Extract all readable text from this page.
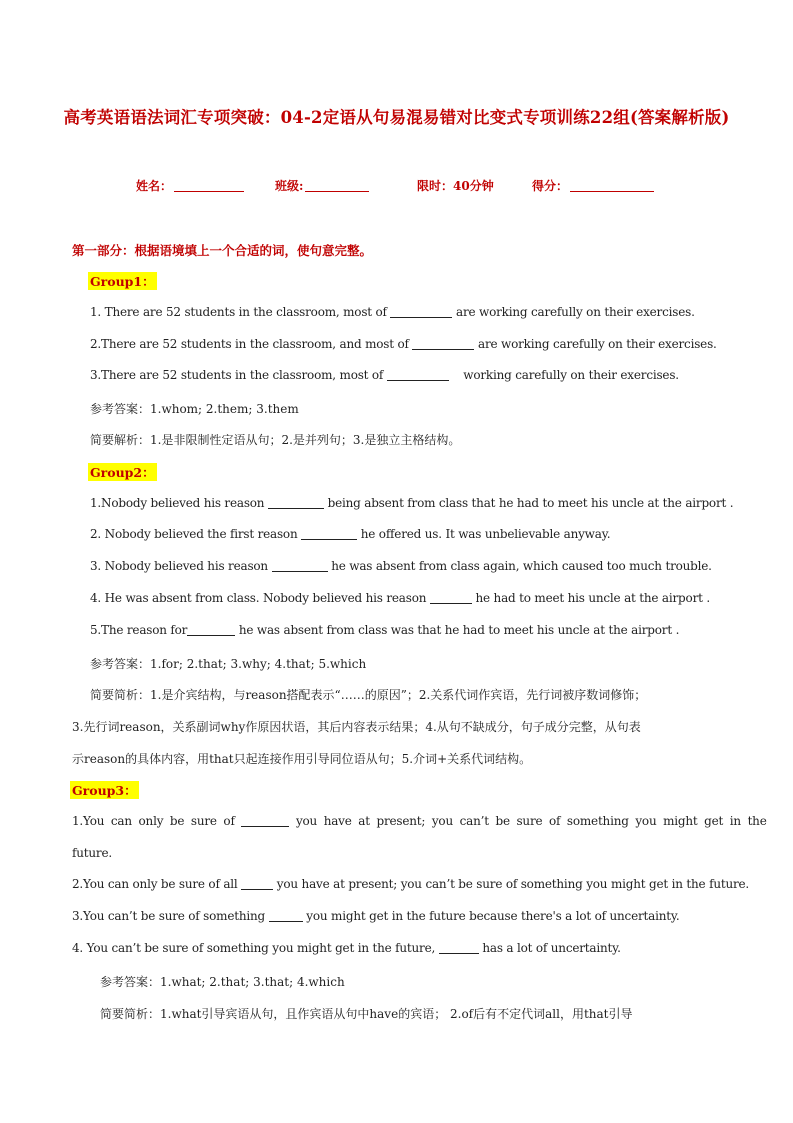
高考英语语法词汇专项突破：04-2定语从句易混易错对比变式专项训练22组(答案解析版)
姓名：	班级:	限时：40分钟	得分：
第一部分：根据语境填上一个合适的词，使句意完整。
Group1：
1. There are 52 students in the classroom, most of	are working carefully on their exercises.
2.There are 52 students in the classroom, and most of	are working carefully on their exercises.
3.There are 52 students in the classroom, most of	working carefully on their exercises.
参考答案：1.whom; 2.them; 3.them
简要解析：1.是非限制性定语从句；2.是并列句；3.是独立主格结构。
Group2：
1.Nobody believed his reason	being absent from class that he had to meet his uncle at the airport .
2. Nobody believed the first reason	he offered us. It was unbelievable anyway.
3. Nobody believed his reason	he was absent from class again, which caused too much trouble.
4. He was absent from class. Nobody believed his reason	he had to meet his uncle at the airport .
5.The reason for	he was absent from class was that he had to meet his uncle at the airport .
参考答案：1.for; 2.that; 3.why; 4.that; 5.which
简要简析：1.是介宾结构，与reason搭配表示“……的原因”；2.关系代词作宾语，先行词被序数词修饰；
3.先行词reason，关系副词why作原因状语，其后内容表示结果；4.从句不缺成分，句子成分完整，从句表
示reason的具体内容，用that只起连接作用引导同位语从句；5.介词+关系代词结构。
Group3：
1.You can only be sure of	you have at present; you can’t be sure of something you might get in the
future.
2.You can only be sure of all	you have at present; you can’t be sure of something you might get in the future.
3.You can’t be sure of something	you might get in the future because there's a lot of uncertainty.
4. You can’t be sure of something you might get in the future,	has a lot of uncertainty.
参考答案：1.what; 2.that; 3.that; 4.which
简要简析：1.what引导宾语从句，且作宾语从句中have的宾语； 2.of后有不定代词all，用that引导
